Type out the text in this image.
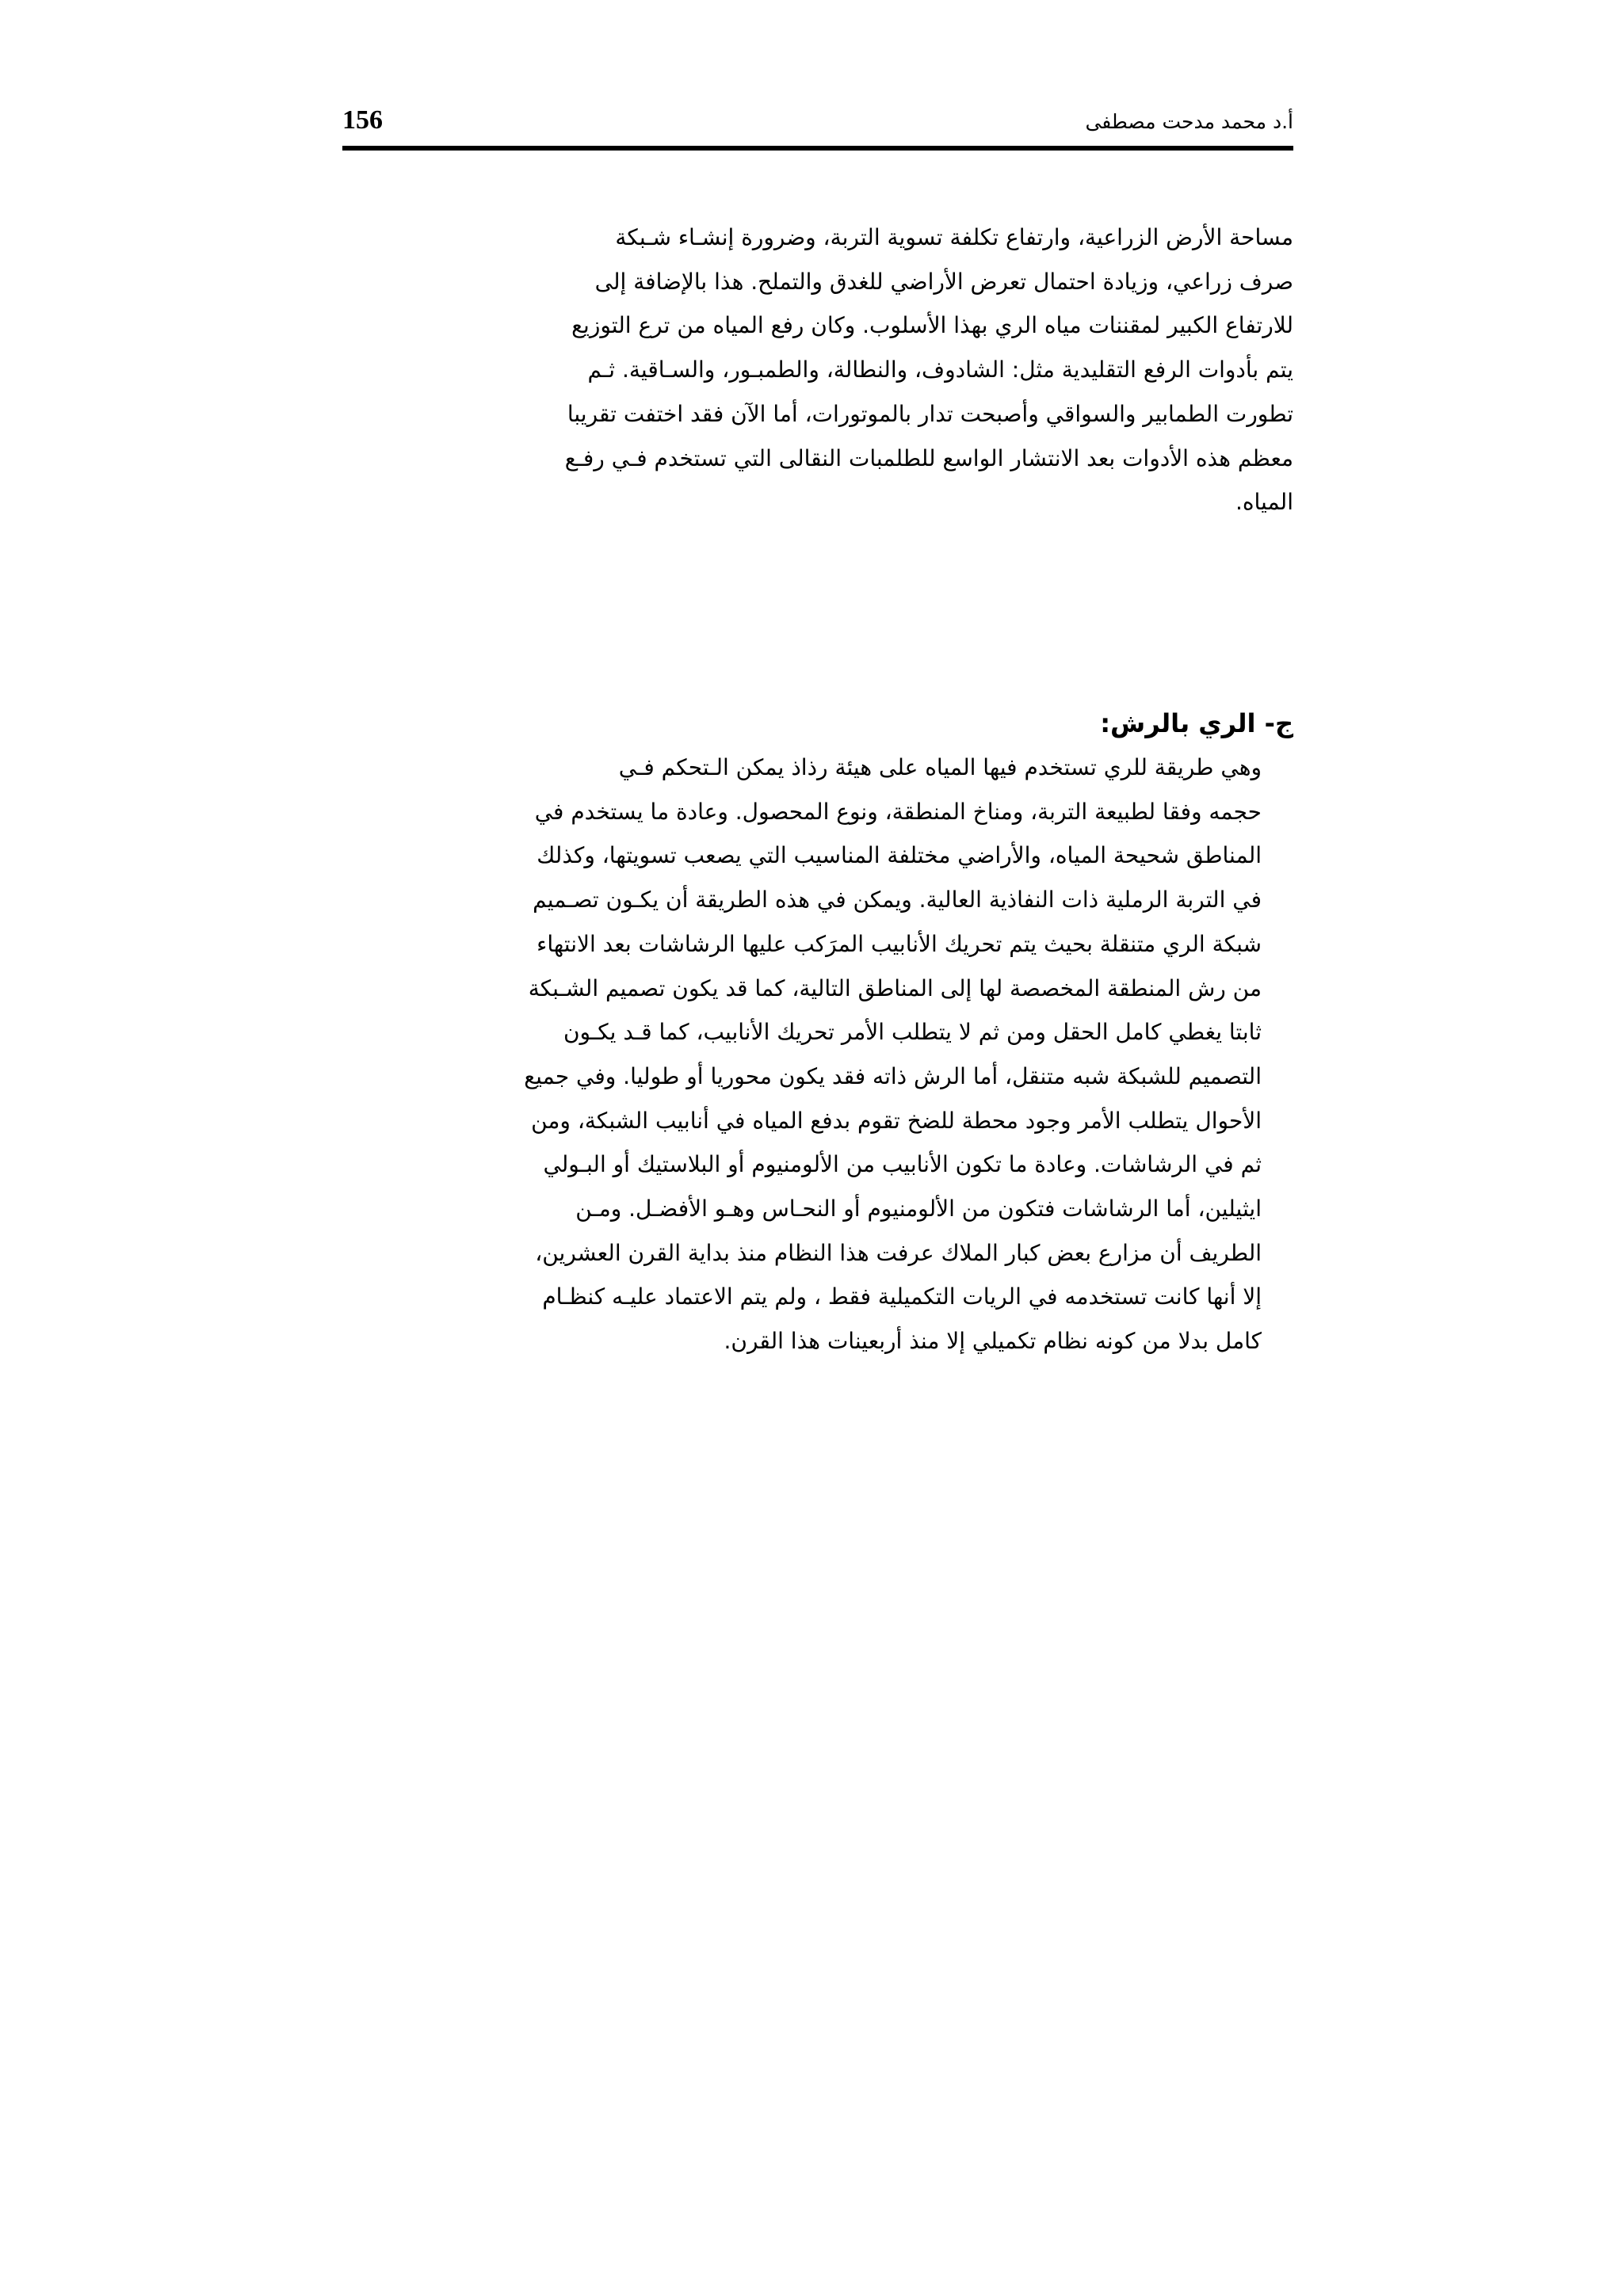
156	أ.د محمد مدحت مصطفى

مساحة الأرض الزراعية، وارتفاع تكلفة تسوية التربة، وضرورة إنشـاء شـبكة
صرف زراعي، وزيادة احتمال تعرض الأراضي للغدق والتملح. هذا بالإضافة إلى
للارتفاع الكبير لمقننات مياه الري بهذا الأسلوب. وكان رفع المياه من ترع التوزيع
يتم بأدوات الرفع التقليدية مثل: الشادوف، والنطالة، والطمبـور، والسـاقية. ثـم
تطورت الطمابير والسواقي وأصبحت تدار بالموتورات، أما الآن فقد اختفت تقريبا
معظم هذه الأدوات بعد الانتشار الواسع للطلمبات النقالى التي تستخدم فـي رفـع
المياه.

ج- الري بالرش:

وهي طريقة للري تستخدم فيها المياه على هيئة رذاذ يمكن الـتحكم فـي
حجمه وفقا لطبيعة التربة، ومناخ المنطقة، ونوع المحصول. وعادة ما يستخدم في
المناطق شحيحة المياه، والأراضي مختلفة المناسيب التي يصعب تسويتها، وكذلك
في التربة الرملية ذات النفاذية العالية. ويمكن في هذه الطريقة أن يكـون تصـميم
شبكة الري متنقلة بحيث يتم تحريك الأنابيب المرَكب عليها الرشاشات بعد الانتهاء
من رش المنطقة المخصصة لها إلى المناطق التالية، كما قد يكون تصميم الشـبكة
ثابتا يغطي كامل الحقل ومن ثم لا يتطلب الأمر تحريك الأنابيب، كما قـد يكـون
التصميم للشبكة شبه متنقل، أما الرش ذاته فقد يكون محوريا أو طوليا. وفي جميع
الأحوال يتطلب الأمر وجود محطة للضخ تقوم بدفع المياه في أنابيب الشبكة، ومن
ثم في الرشاشات. وعادة ما تكون الأنابيب من الألومنيوم أو البلاستيك أو البـولي
ايثيلين، أما الرشاشات فتكون من الألومنيوم أو النحـاس وهـو الأفضـل. ومـن
الطريف أن مزارع بعض كبار الملاك عرفت هذا النظام منذ بداية القرن العشرين،
إلا أنها كانت تستخدمه في الريات التكميلية فقط ، ولم يتم الاعتماد عليـه كنظـام
كامل بدلا من كونه نظام تكميلي إلا منذ أربعينات هذا القرن.
